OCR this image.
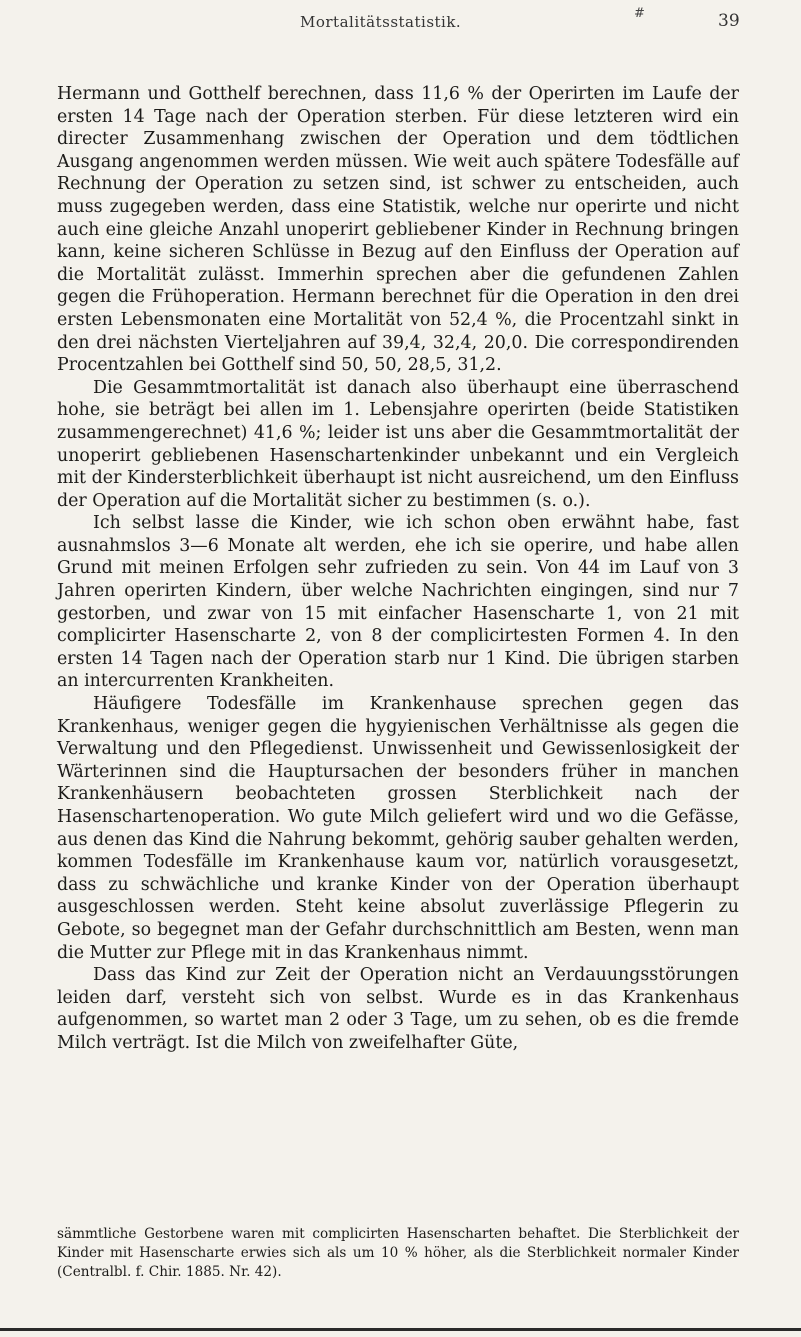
#
Mortalitätsstatistik.	39

Hermann und Gotthelf berechnen, dass 11,6 % der Operirten im Laufe der ersten 14 Tage nach der Operation sterben. Für diese letzteren wird ein directer Zusammenhang zwischen der Operation und dem tödtlichen Ausgang angenommen werden müssen. Wie weit auch spätere Todesfälle auf Rechnung der Operation zu setzen sind, ist schwer zu entscheiden, auch muss zugegeben werden, dass eine Statistik, welche nur operirte und nicht auch eine gleiche Anzahl unoperirt gebliebener Kinder in Rechnung bringen kann, keine sicheren Schlüsse in Bezug auf den Einfluss der Operation auf die Mortalität zulässt. Immerhin sprechen aber die gefundenen Zahlen gegen die Frühoperation. Hermann berechnet für die Operation in den drei ersten Lebensmonaten eine Mortalität von 52,4 %, die Procentzahl sinkt in den drei nächsten Vierteljahren auf 39,4, 32,4, 20,0. Die correspondirenden Procentzahlen bei Gotthelf sind 50, 50, 28,5, 31,2.

Die Gesammtmortalität ist danach also überhaupt eine überraschend hohe, sie beträgt bei allen im 1. Lebensjahre operirten (beide Statistiken zusammengerechnet) 41,6 %; leider ist uns aber die Gesammtmortalität der unoperirt gebliebenen Hasenschartenkinder unbekannt und ein Vergleich mit der Kindersterblichkeit überhaupt ist nicht ausreichend, um den Einfluss der Operation auf die Mortalität sicher zu bestimmen (s. o.).

Ich selbst lasse die Kinder, wie ich schon oben erwähnt habe, fast ausnahmslos 3—6 Monate alt werden, ehe ich sie operire, und habe allen Grund mit meinen Erfolgen sehr zufrieden zu sein. Von 44 im Lauf von 3 Jahren operirten Kindern, über welche Nachrichten eingingen, sind nur 7 gestorben, und zwar von 15 mit einfacher Hasenscharte 1, von 21 mit complicirter Hasenscharte 2, von 8 der complicirtesten Formen 4. In den ersten 14 Tagen nach der Operation starb nur 1 Kind. Die übrigen starben an intercurrenten Krankheiten.

Häufigere Todesfälle im Krankenhause sprechen gegen das Krankenhaus, weniger gegen die hygyienischen Verhältnisse als gegen die Verwaltung und den Pflegedienst. Unwissenheit und Gewissenlosigkeit der Wärterinnen sind die Hauptursachen der besonders früher in manchen Krankenhäusern beobachteten grossen Sterblichkeit nach der Hasenschartenoperation. Wo gute Milch geliefert wird und wo die Gefässe, aus denen das Kind die Nahrung bekommt, gehörig sauber gehalten werden, kommen Todesfälle im Krankenhause kaum vor, natürlich vorausgesetzt, dass zu schwächliche und kranke Kinder von der Operation überhaupt ausgeschlossen werden. Steht keine absolut zuverlässige Pflegerin zu Gebote, so begegnet man der Gefahr durchschnittlich am Besten, wenn man die Mutter zur Pflege mit in das Krankenhaus nimmt.

Dass das Kind zur Zeit der Operation nicht an Verdauungsstörungen leiden darf, versteht sich von selbst. Wurde es in das Krankenhaus aufgenommen, so wartet man 2 oder 3 Tage, um zu sehen, ob es die fremde Milch verträgt. Ist die Milch von zweifelhafter Güte,

sämmtliche Gestorbene waren mit complicirten Hasenscharten behaftet. Die Sterblichkeit der Kinder mit Hasenscharte erwies sich als um 10 % höher, als die Sterblichkeit normaler Kinder (Centralbl. f. Chir. 1885. Nr. 42).
